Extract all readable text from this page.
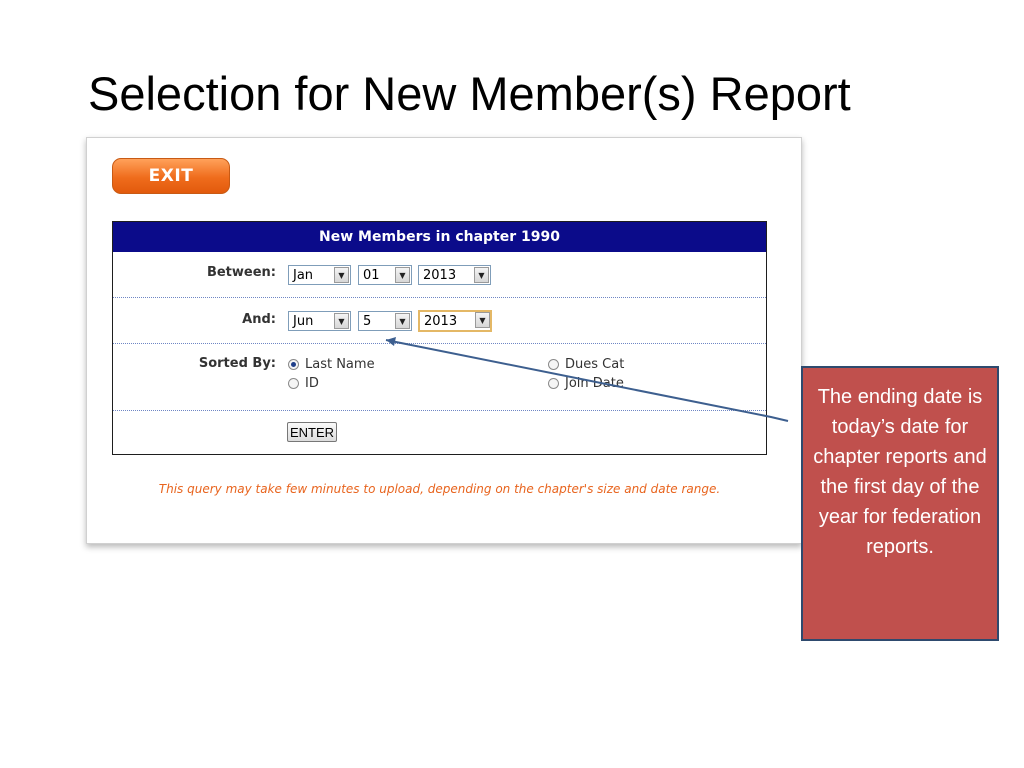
Selection for New Member(s) Report
EXIT
New Members in chapter 1990
Between: Jan	▼	01	▼	2013	▼
And: Jun	▼	5	▼	2013	▼
Sorted By: Last Name
ID
Dues Cat
Join Date
ENTER
This query may take few minutes to upload, depending on the chapter's size and date range.
The ending date is today’s date for chapter reports and the first day of the year for federation reports.
